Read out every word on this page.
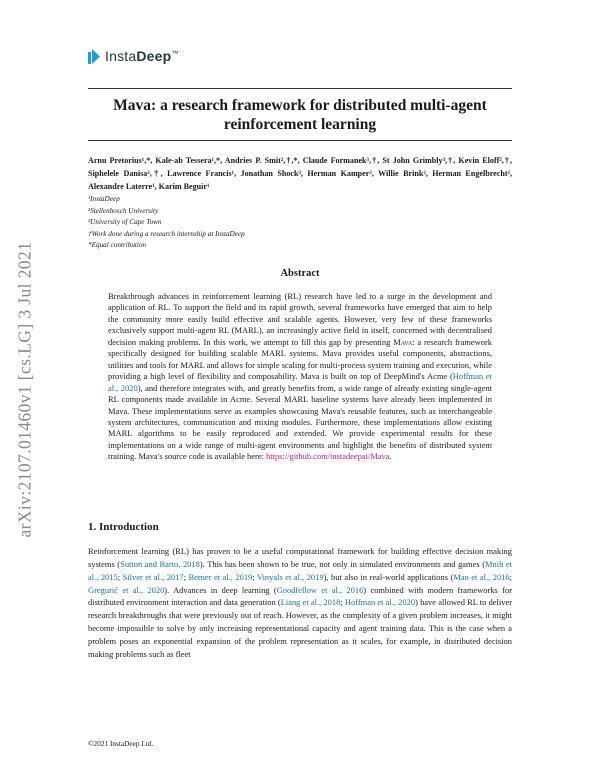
InstaDeep™
Mava: a research framework for distributed multi-agent
reinforcement learning
Arnu Pretorius¹,*, Kale-ab Tessera¹,*, Andries P. Smit²,†,*, Claude Formanek³,†, St John Grimbly³,†, Kevin Eloff²,†, Siphelele Danisa³,†, Lawrence Francis¹, Jonathan Shock³, Herman Kamper², Willie Brink², Herman Engelbrecht², Alexandre Laterre¹, Karim Beguir¹
¹InstaDeep
²Stellenbosch University
³University of Cape Town
†Work done during a research internship at InstaDeep
*Equal contribution
arXiv:2107.01460v1 [cs.LG] 3 Jul 2021	Abstract
Breakthrough advances in reinforcement learning (RL) research have led to a surge in the development and application of RL. To support the field and its rapid growth, several frameworks have emerged that aim to help the community more easily build effective and scalable agents. However, very few of these frameworks exclusively support multi-agent RL (MARL), an increasingly active field in itself, concerned with decentralised decision making problems. In this work, we attempt to fill this gap by presenting Mava: a research framework specifically designed for building scalable MARL systems. Mava provides useful components, abstractions, utilities and tools for MARL and allows for simple scaling for multi-process system training and execution, while providing a high level of flexibility and composability. Mava is built on top of DeepMind's Acme (Hoffman et al., 2020), and therefore integrates with, and greatly benefits from, a wide range of already existing single-agent RL components made available in Acme. Several MARL baseline systems have already been implemented in Mava. These implementations serve as examples showcasing Mava's reusable features, such as interchangeable system architectures, communication and mixing modules. Furthermore, these implementations allow existing MARL algorithms to be easily reproduced and extended. We provide experimental results for these implementations on a wide range of multi-agent environments and highlight the benefits of distributed system training. Mava's source code is available here: https://github.com/instadeepai/Mava.
1. Introduction
Reinforcement learning (RL) has proven to be a useful computational framework for building effective decision making systems (Sutton and Barto, 2018). This has been shown to be true, not only in simulated environments and games (Mnih et al., 2015; Silver et al., 2017; Berner et al., 2019; Vinyals et al., 2019), but also in real-world applications (Mao et al., 2016; Gregurić et al., 2020). Advances in deep learning (Goodfellow et al., 2016) combined with modern frameworks for distributed environment interaction and data generation (Liang et al., 2018; Hoffman et al., 2020) have allowed RL to deliver research breakthroughs that were previously out of reach. However, as the complexity of a given problem increases, it might become impossible to solve by only increasing representational capacity and agent training data. This is the case when a problem poses an exponential expansion of the problem representation as it scales, for example, in distributed decision making problems such as fleet
©2021 InstaDeep Ltd.
